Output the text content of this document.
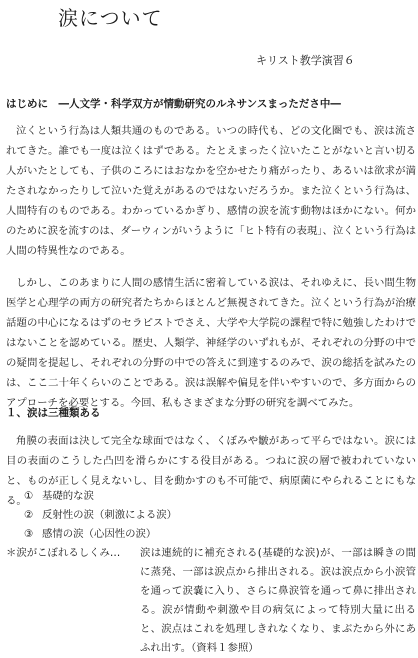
涙について

キリスト教学演習６

はじめに　―人文学・科学双方が情動研究のルネサンスまったださ中―

泣くという行為は人類共通のものである。いつの時代も、どの文化圏でも、涙は流されてきた。誰でも一度は泣くはずである。たとえまったく泣いたことがないと言い切る人がいたとしても、子供のころにはおなかを空かせたり痛がったり、あるいは欲求が満たされなかったりして泣いた覚えがあるのではないだろうか。また泣くという行為は、人間特有のものである。わかっているかぎり、感情の涙を流す動物はほかにない。何かのために涙を流すのは、ダーウィンがいうように「ヒト特有の表現」、泣くという行為は人間の特異性なのである。

しかし、このあまりに人間の感情生活に密着している涙は、それゆえに、長い間生物医学と心理学の両方の研究者たちからほとんど無視されてきた。泣くという行為が治療話題の中心になるはずのセラピストでさえ、大学や大学院の課程で特に勉強したわけではないことを認めている。歴史、人類学、神経学のいずれもが、それぞれの分野の中での疑問を提起し、それぞれの分野の中での答えに到達するのみで、涙の総括を試みたのは、ここ二十年くらいのことである。涙は誤解や偏見を伴いやすいので、多方面からのアプローチを必要とする。今回、私もさまざまな分野の研究を調べてみた。

１、涙は三種類ある

角膜の表面は決して完全な球面ではなく、くぼみや皺があって平らではない。涙には目の表面のこうした凸凹を滑らかにする役目がある。つねに涙の層で被われていないと、ものが正しく見えないし、目を動かすのも不可能で、病原菌にやられることにもなる。

① 基礎的な涙
② 反射性の涙（刺激による涙）
③ 感情の涙（心因性の涙）
＊涙がこぼれるしくみ…	涙は連続的に補充される(基礎的な涙)が、一部は瞬きの間に蒸発、一部は涙点から排出される。涙は涙点から小涙管を通って涙嚢に入り、さらに鼻涙管を通って鼻に排出される。涙が情動や刺激や目の病気によって特別大量に出ると、涙点はこれを処理しきれなくなり、まぶたから外にあふれ出す。（資料１参照）
